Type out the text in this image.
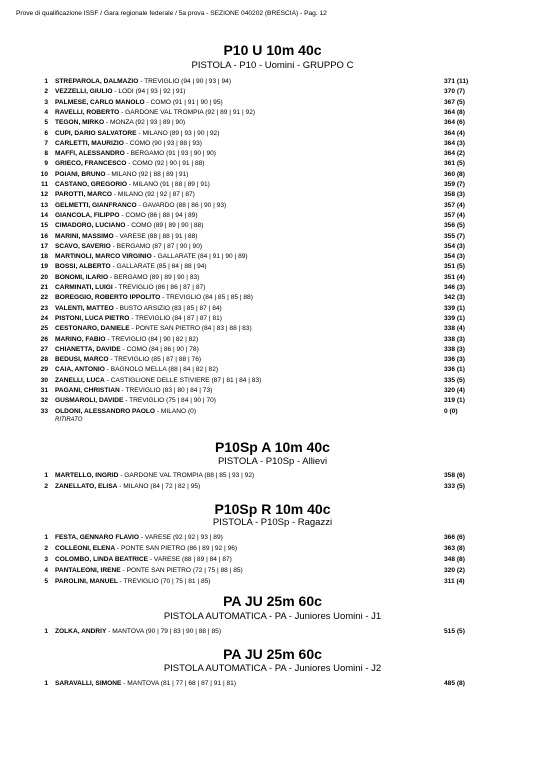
Prove di qualificazione ISSF / Gara regionale federale / 5a prova - SEZIONE 040202 (BRESCIA) - Pag. 12
P10 U 10m 40c
PISTOLA - P10 - Uomini - GRUPPO C
1 STREPAROLA, DALMAZIO - TREVIGLIO (94 | 90 | 93 | 94)	371 (11)
2 VEZZELLI, GIULIO - LODI (94 | 93 | 92 | 91)	370 (7)
3 PALMESE, CARLO MANOLO - COMO (91 | 91 | 90 | 95)	367 (5)
4 RAVELLI, ROBERTO - GARDONE VAL TROMPIA (92 | 89 | 91 | 92)	364 (8)
5 TEGON, MIRKO - MONZA (92 | 93 | 89 | 90)	364 (6)
6 CUPI, DARIO SALVATORE - MILANO (89 | 93 | 90 | 92)	364 (4)
7 CARLETTI, MAURIZIO - COMO (90 | 93 | 88 | 93)	364 (3)
8 MAFFI, ALESSANDRO - BERGAMO (91 | 93 | 90 | 90)	364 (2)
9 GRIECO, FRANCESCO - COMO (92 | 90 | 91 | 88)	361 (5)
10 POIANI, BRUNO - MILANO (92 | 88 | 89 | 91)	360 (8)
11 CASTANO, GREGORIO - MILANO (91 | 88 | 89 | 91)	359 (7)
12 PAROTTI, MARCO - MILANO (92 | 92 | 87 | 87)	358 (3)
13 GELMETTI, GIANFRANCO - GAVARDO (88 | 86 | 90 | 93)	357 (4)
14 GIANCOLA, FILIPPO - COMO (86 | 88 | 94 | 89)	357 (4)
15 CIMADORO, LUCIANO - COMO (89 | 89 | 90 | 88)	356 (5)
16 MARINI, MASSIMO - VARESE (88 | 88 | 91 | 88)	355 (7)
17 SCAVO, SAVERIO - BERGAMO (87 | 87 | 90 | 90)	354 (3)
18 MARTINOLI, MARCO VIRGINIO - GALLARATE (84 | 91 | 90 | 89)	354 (3)
19 BOSSI, ALBERTO - GALLARATE (85 | 84 | 88 | 94)	351 (5)
20 BONOMI, ILARIO - BERGAMO (89 | 89 | 90 | 83)	351 (4)
21 CARMINATI, LUIGI - TREVIGLIO (86 | 86 | 87 | 87)	346 (3)
22 BOREGGIO, ROBERTO IPPOLITO - TREVIGLIO (84 | 85 | 85 | 88)	342 (3)
23 VALENTI, MATTEO - BUSTO ARSIZIO (83 | 85 | 87 | 84)	339 (1)
24 PISTONI, LUCA PIETRO - TREVIGLIO (84 | 87 | 87 | 81)	339 (1)
25 CESTONARO, DANIELE - PONTE SAN PIETRO (84 | 83 | 88 | 83)	338 (4)
26 MARINO, FABIO - TREVIGLIO (84 | 90 | 82 | 82)	338 (3)
27 CHIANETTA, DAVIDE - COMO (84 | 86 | 90 | 78)	338 (3)
28 BEDUSI, MARCO - TREVIGLIO (85 | 87 | 88 | 76)	336 (3)
29 CAIA, ANTONIO - BAGNOLO MELLA (88 | 84 | 82 | 82)	336 (1)
30 ZANELLI, LUCA - CASTIGLIONE DELLE STIVIERE (87 | 81 | 84 | 83)	335 (5)
31 PAGANI, CHRISTIAN - TREVIGLIO (83 | 80 | 84 | 73)	320 (4)
32 GUSMAROLI, DAVIDE - TREVIGLIO (75 | 84 | 90 | 70)	319 (1)
33 OLDONI, ALESSANDRO PAOLO - MILANO (0)	0 (0)
RITIRATO
P10Sp A 10m 40c
PISTOLA - P10Sp - Allievi
1 MARTELLO, INGRID - GARDONE VAL TROMPIA (88 | 85 | 93 | 92)	358 (6)
2 ZANELLATO, ELISA - MILANO (84 | 72 | 82 | 95)	333 (5)
P10Sp R 10m 40c
PISTOLA - P10Sp - Ragazzi
1 FESTA, GENNARO FLAVIO - VARESE (92 | 92 | 93 | 89)	366 (6)
2 COLLEONI, ELENA - PONTE SAN PIETRO (86 | 89 | 92 | 96)	363 (8)
3 COLOMBO, LINDA BEATRICE - VARESE (88 | 89 | 84 | 87)	348 (8)
4 PANTALEONI, IRENE - PONTE SAN PIETRO (72 | 75 | 88 | 85)	320 (2)
5 PAROLINI, MANUEL - TREVIGLIO (70 | 75 | 81 | 85)	311 (4)
PA JU 25m 60c
PISTOLA AUTOMATICA - PA - Juniores Uomini - J1
1 ZOLKA, ANDRIY - MANTOVA (90 | 79 | 83 | 90 | 88 | 85)	515 (5)
PA JU 25m 60c
PISTOLA AUTOMATICA - PA - Juniores Uomini - J2
1 SARAVALLI, SIMONE - MANTOVA (81 | 77 | 68 | 87 | 91 | 81)	485 (8)
